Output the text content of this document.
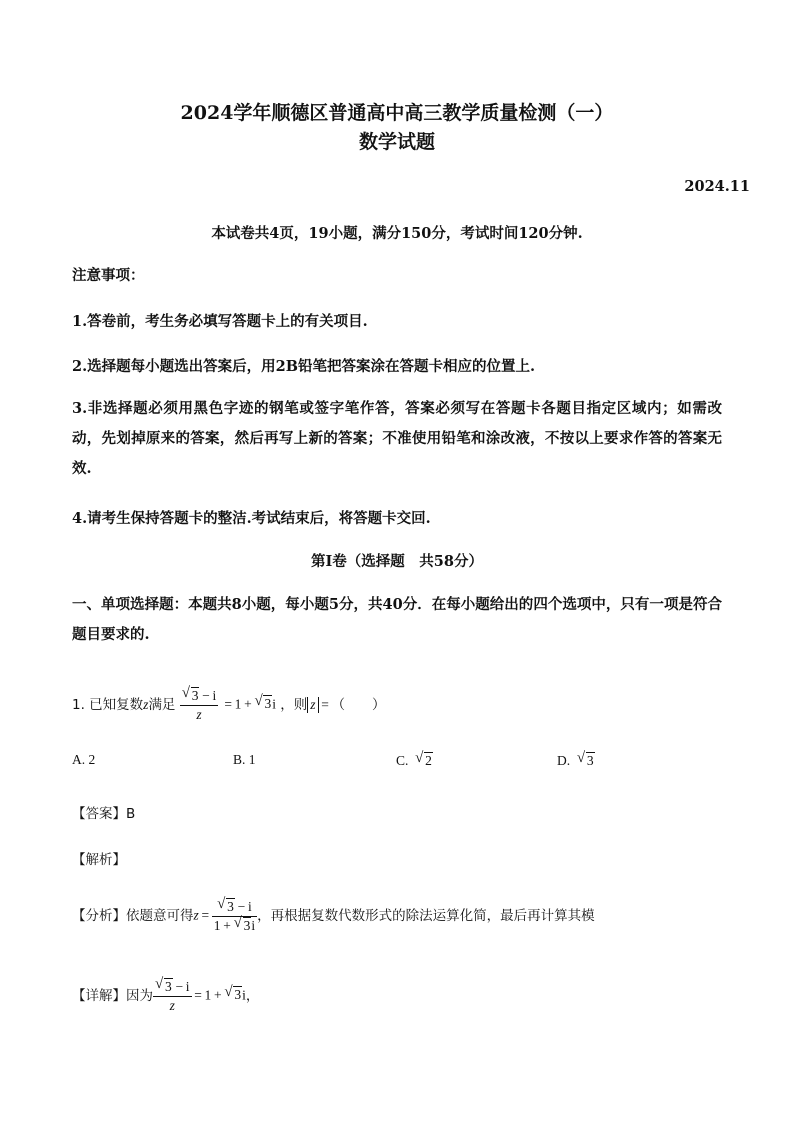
2024学年顺德区普通高中高三教学质量检测（一）
数学试题
2024.11
本试卷共4页，19小题，满分150分，考试时间120分钟.
注意事项：
1.答卷前，考生务必填写答题卡上的有关项目.
2.选择题每小题选出答案后，用2B铅笔把答案涂在答题卡相应的位置上.
3.非选择题必须用黑色字迹的钢笔或签字笔作答，答案必须写在答题卡各题目指定区域内；如需改动，先划掉原来的答案，然后再写上新的答案；不准使用铅笔和涂改液，不按以上要求作答的答案无效.
4.请考生保持答题卡的整洁.考试结束后，将答题卡交回.
第I卷（选择题　共58分）
一、单项选择题：本题共8小题，每小题5分，共40分．在每小题给出的四个选项中，只有一项是符合题目要求的.
1. 已知复数z满足 $\frac{√ 3 - i}{z} = 1$ +  √ 3i ，则 z = （　　）
A. 2	B. 1	C. √ 2	D. √ 3
【答案】B
【解析】
【分析】依题意可得$z = \frac{√ 3 - i}{1 + √ 3i}$ ，再根据复数代数形式的除法运算化简，最后再计算其模
【详解】因为 $\frac{√ 3 - i}{z} = 1$ +  √ 3i，
